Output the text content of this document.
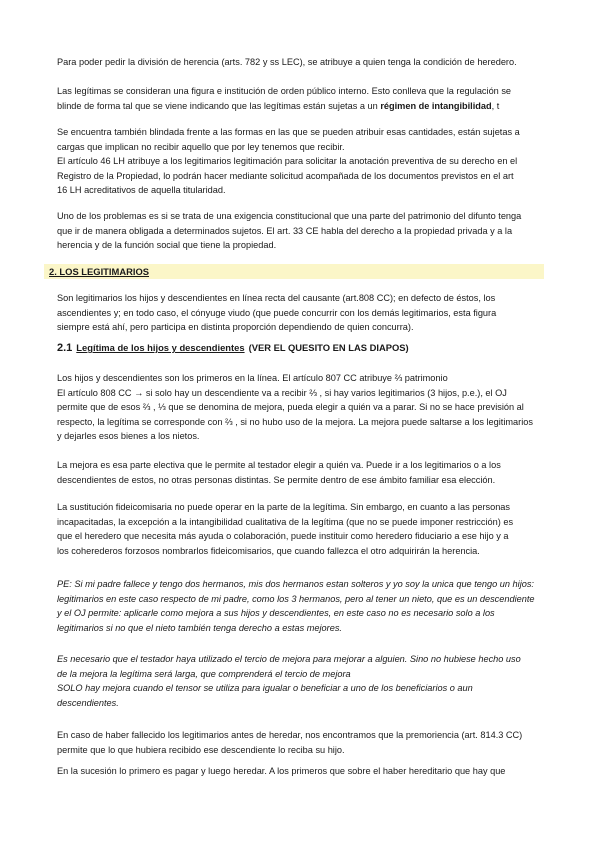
Para poder pedir la división de herencia (arts. 782 y ss LEC), se atribuye a quien tenga la condición de heredero.

Las legítimas se consideran una figura e institución de orden público interno. Esto conlleva que la regulación se
blinde de forma tal que se viene indicando que las legítimas están sujetas a un régimen de intangibilidad, t

Se encuentra también blindada frente a las formas en las que se pueden atribuir esas cantidades, están sujetas a
cargas que implican no recibir aquello que por ley tenemos que recibir.
El artículo 46 LH atribuye a los legitimarios legitimación para solicitar la anotación preventiva de su derecho en el
Registro de la Propiedad, lo podrán hacer mediante solicitud acompañada de los documentos previstos en el art
16 LH acreditativos de aquella titularidad.

Uno de los problemas es si se trata de una exigencia constitucional que una parte del patrimonio del difunto tenga
que ir de manera obligada a determinados sujetos. El art. 33 CE habla del derecho a la propiedad privada y a la
herencia y de la función social que tiene la propiedad.

2. LOS LEGITIMARIOS

Son legitimarios los hijos y descendientes en línea recta del causante (art.808 CC); en defecto de éstos, los
ascendientes y; en todo caso, el cónyuge viudo (que puede concurrir con los demás legitimarios, esta figura
siempre está ahí, pero participa en distinta proporción dependiendo de quien concurra).

2.1 Legítima de los hijos y descendientes (VER EL QUESITO EN LAS DIAPOS)

Los hijos y descendientes son los primeros en la línea. El artículo 807 CC atribuye ⅔ patrimonio
El artículo 808 CC → si solo hay un descendiente va a recibir ⅔ , si hay varios legitimarios (3 hijos, p.e.), el OJ
permite que de esos ⅔ , ⅓ que se denomina de mejora, pueda elegir a quién va a parar. Si no se hace previsión al
respecto, la legítima se corresponde con ⅔ , si no hubo uso de la mejora. La mejora puede saltarse a los legitimarios
y dejarles esos bienes a los nietos.

La mejora es esa parte electiva que le permite al testador elegir a quién va. Puede ir a los legitimarios o a los
descendientes de estos, no otras personas distintas. Se permite dentro de ese ámbito familiar esa elección.

La sustitución fideicomisaria no puede operar en la parte de la legítima. Sin embargo, en cuanto a las personas
incapacitadas, la excepción a la intangibilidad cualitativa de la legítima (que no se puede imponer restricción) es
que el heredero que necesita más ayuda o colaboración, puede instituir como heredero fiduciario a ese hijo y a
los coherederos forzosos nombrarlos fideicomisarios, que cuando fallezca el otro adquirirán la herencia.

PE: Si mi padre fallece y tengo dos hermanos, mis dos hermanos estan solteros y yo soy la unica que tengo un hijos:
legitimarios en este caso respecto de mi padre, como los 3 hermanos, pero al tener un nieto, que es un descendiente
y el OJ permite: aplicarle como mejora a sus hijos y descendientes, en este caso no es necesario solo a los
legitimarios si no que el nieto también tenga derecho a estas mejores.

Es necesario que el testador haya utilizado el tercio de mejora para mejorar a alguien. Sino no hubiese hecho uso
de la mejora la legítima será larga, que comprenderá el tercio de mejora
SOLO hay mejora cuando el tensor se utiliza para igualar o beneficiar a uno de los beneficiarios o aun
descendientes.

En caso de haber fallecido los legitimarios antes de heredar, nos encontramos que la premoriencia (art. 814.3 CC)
permite que lo que hubiera recibido ese descendiente lo reciba su hijo.

En la sucesión lo primero es pagar y luego heredar. A los primeros que sobre el haber hereditario que hay que
